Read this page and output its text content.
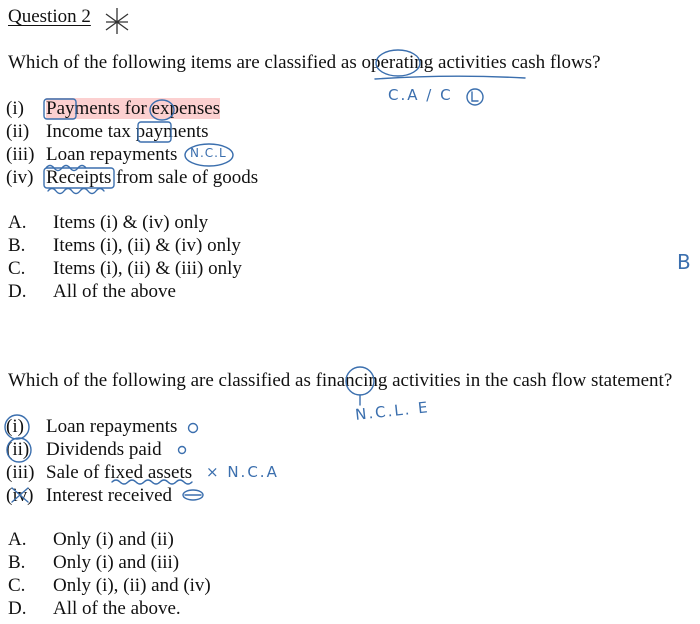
Question 2
Which of the following items are classified as operating activities cash flows?
C.A / C
(i) Payments for expenses
(ii) Income tax payments
(iii) Loan repayments N.C.L
(iv) Receipts from sale of goods
A. Items (i) & (iv) only
B. Items (i), (ii) & (iv) only
C. Items (i), (ii) & (iii) only
D. All of the above
B
Which of the following are classified as financing activities in the cash flow statement?
N.C.L. E
(i) Loan repayments
(ii) Dividends paid
(iii) Sale of fixed assets × N.C.A
(iv) Interest received
A. Only (i) and (ii)
B. Only (i) and (iii)
C. Only (i), (ii) and (iv)
D. All of the above.
